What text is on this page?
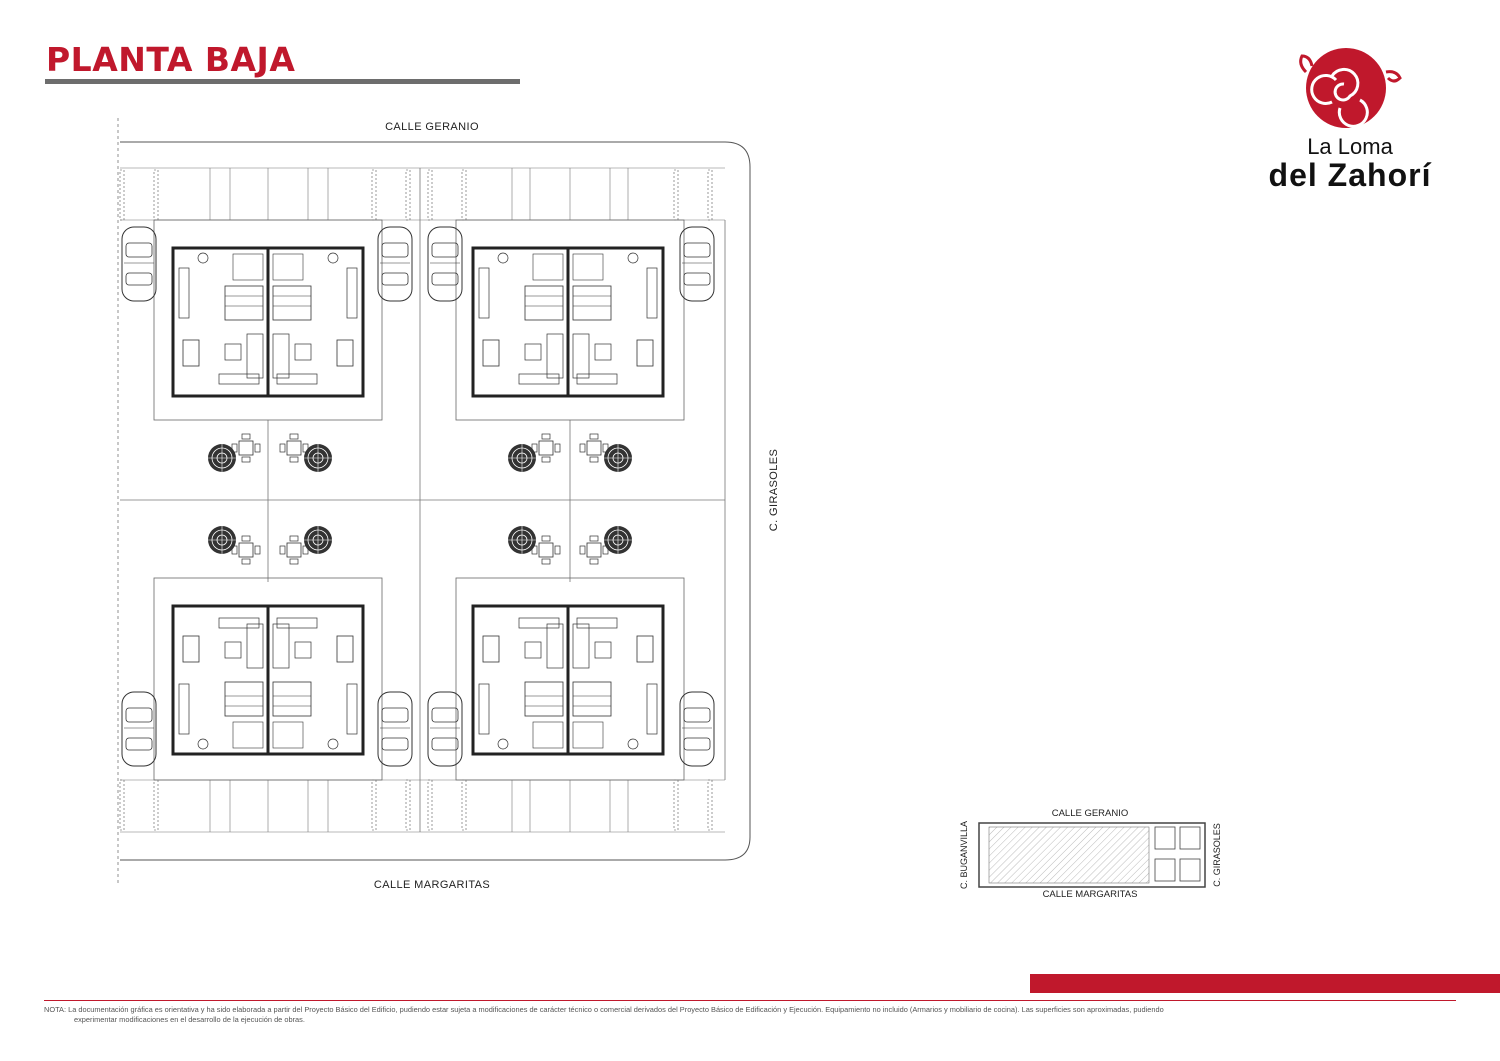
PLANTA BAJA
La Loma
del Zahorí
CALLE GERANIO
CALLE MARGARITAS
C. GIRASOLES
CALLE GERANIO
CALLE MARGARITAS
C. BUGANVILLA	C. GIRASOLES

NOTA: La documentación gráfica es orientativa y ha sido elaborada a partir del Proyecto Básico del Edificio, pudiendo estar sujeta a modificaciones de carácter técnico o comercial derivados del Proyecto Básico de Edificación y Ejecución. Equipamiento no incluido (Armarios y mobiliario de cocina). Las superficies son aproximadas, pudiendo
experimentar modificaciones en el desarrollo de la ejecución de obras.
